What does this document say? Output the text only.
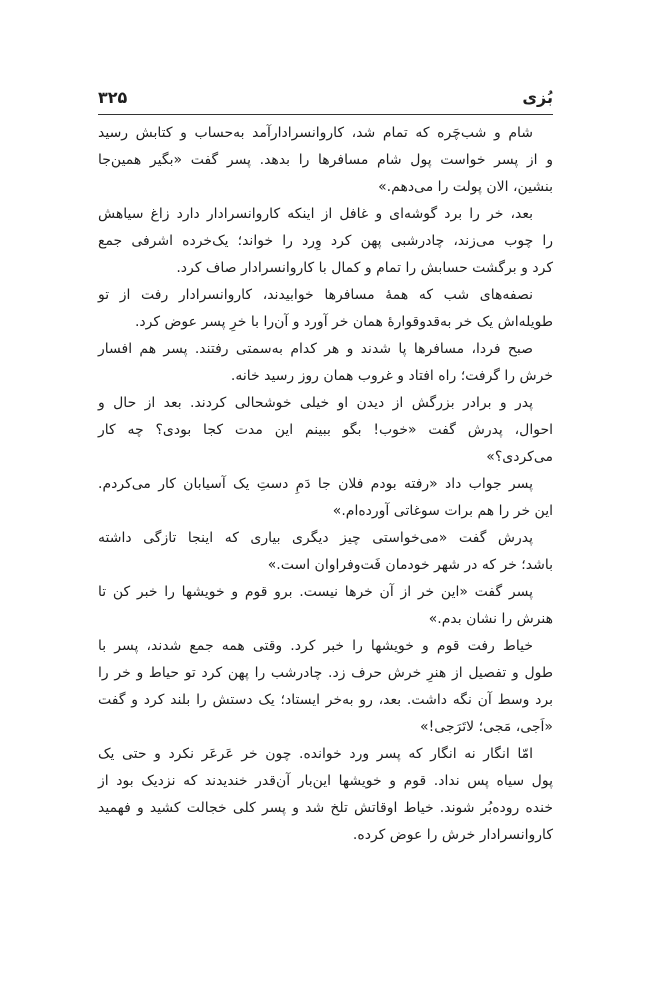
بُزی
۳۲۵
شام و شب‌چَره که تمام شد، کاروانسرادارآمد به‌حساب و کتابش رسید
و از پسر خواست پول شام مسافرها را بدهد. پسر گفت «بگیر همین‌جا
بنشین، الان پولت را می‌دهم.»
بعد، خر را برد گوشه‌ای و غافل از اینکه کاروانسرادار دارد زاغ سیاهش
را چوب می‌زند، چادرشبی پهن کرد وِرد را خواند؛ یک‌خرده اشرفی جمع
کرد و برگشت حسابش را تمام و کمال با کاروانسرادار صاف کرد.
نصفه‌های شب که همهٔ مسافرها خوابیدند، کاروانسرادار رفت از تو
طویله‌اش یک خر به‌قدوقوارهٔ همان خر آورد و آن‌را با خرِ پسر عوض کرد.
صبح فردا، مسافرها پا شدند و هر کدام به‌سمتی رفتند. پسر هم افسار
خرش را گرفت؛ راه افتاد و غروب همان روز رسید خانه.
پدر و برادر بزرگش از دیدن او خیلی خوشحالی کردند. بعد از حال و
احوال، پدرش گفت «خوب! بگو ببینم این مدت کجا بودی؟ چه کار
می‌کردی؟»
پسر جواب داد «رفته بودم فلان جا دَمِ دستِ یک آسیابان کار می‌کردم.
این خر را هم برات سوغاتی آورده‌ام.»
پدرش گفت «می‌خواستی چیز دیگری بیاری که اینجا تازگی داشته
باشد؛ خر که در شهر خودمان فَت‌وفراوان است.»
پسر گفت «این خر از آن خرها نیست. برو قوم و خویشها را خبر کن تا
هنرش را نشان بدم.»
خیاط رفت قوم و خویشها را خبر کرد. وقتی همه جمع شدند، پسر با
طول و تفصیل از هنرِ خرش حرف زد. چادرشب را پهن کرد تو حیاط و خر را
برد وسط آن نگه داشت. بعد، رو به‌خر ایستاد؛ یک دستش را بلند کرد و گفت
«اَجی، مَجی؛ لاتَرَجی!»
امّا انگار نه انگار که پسر ورد خوانده. چون خر عَرعَر نکرد و حتی یک
پول سیاه پس نداد. قوم و خویشها این‌بار آن‌قدر خندیدند که نزدیک بود از
خنده روده‌بُر شوند. خیاط اوقاتش تلخ شد و پسر کلی خجالت کشید و فهمید
کاروانسرادار خرش را عوض کرده.
